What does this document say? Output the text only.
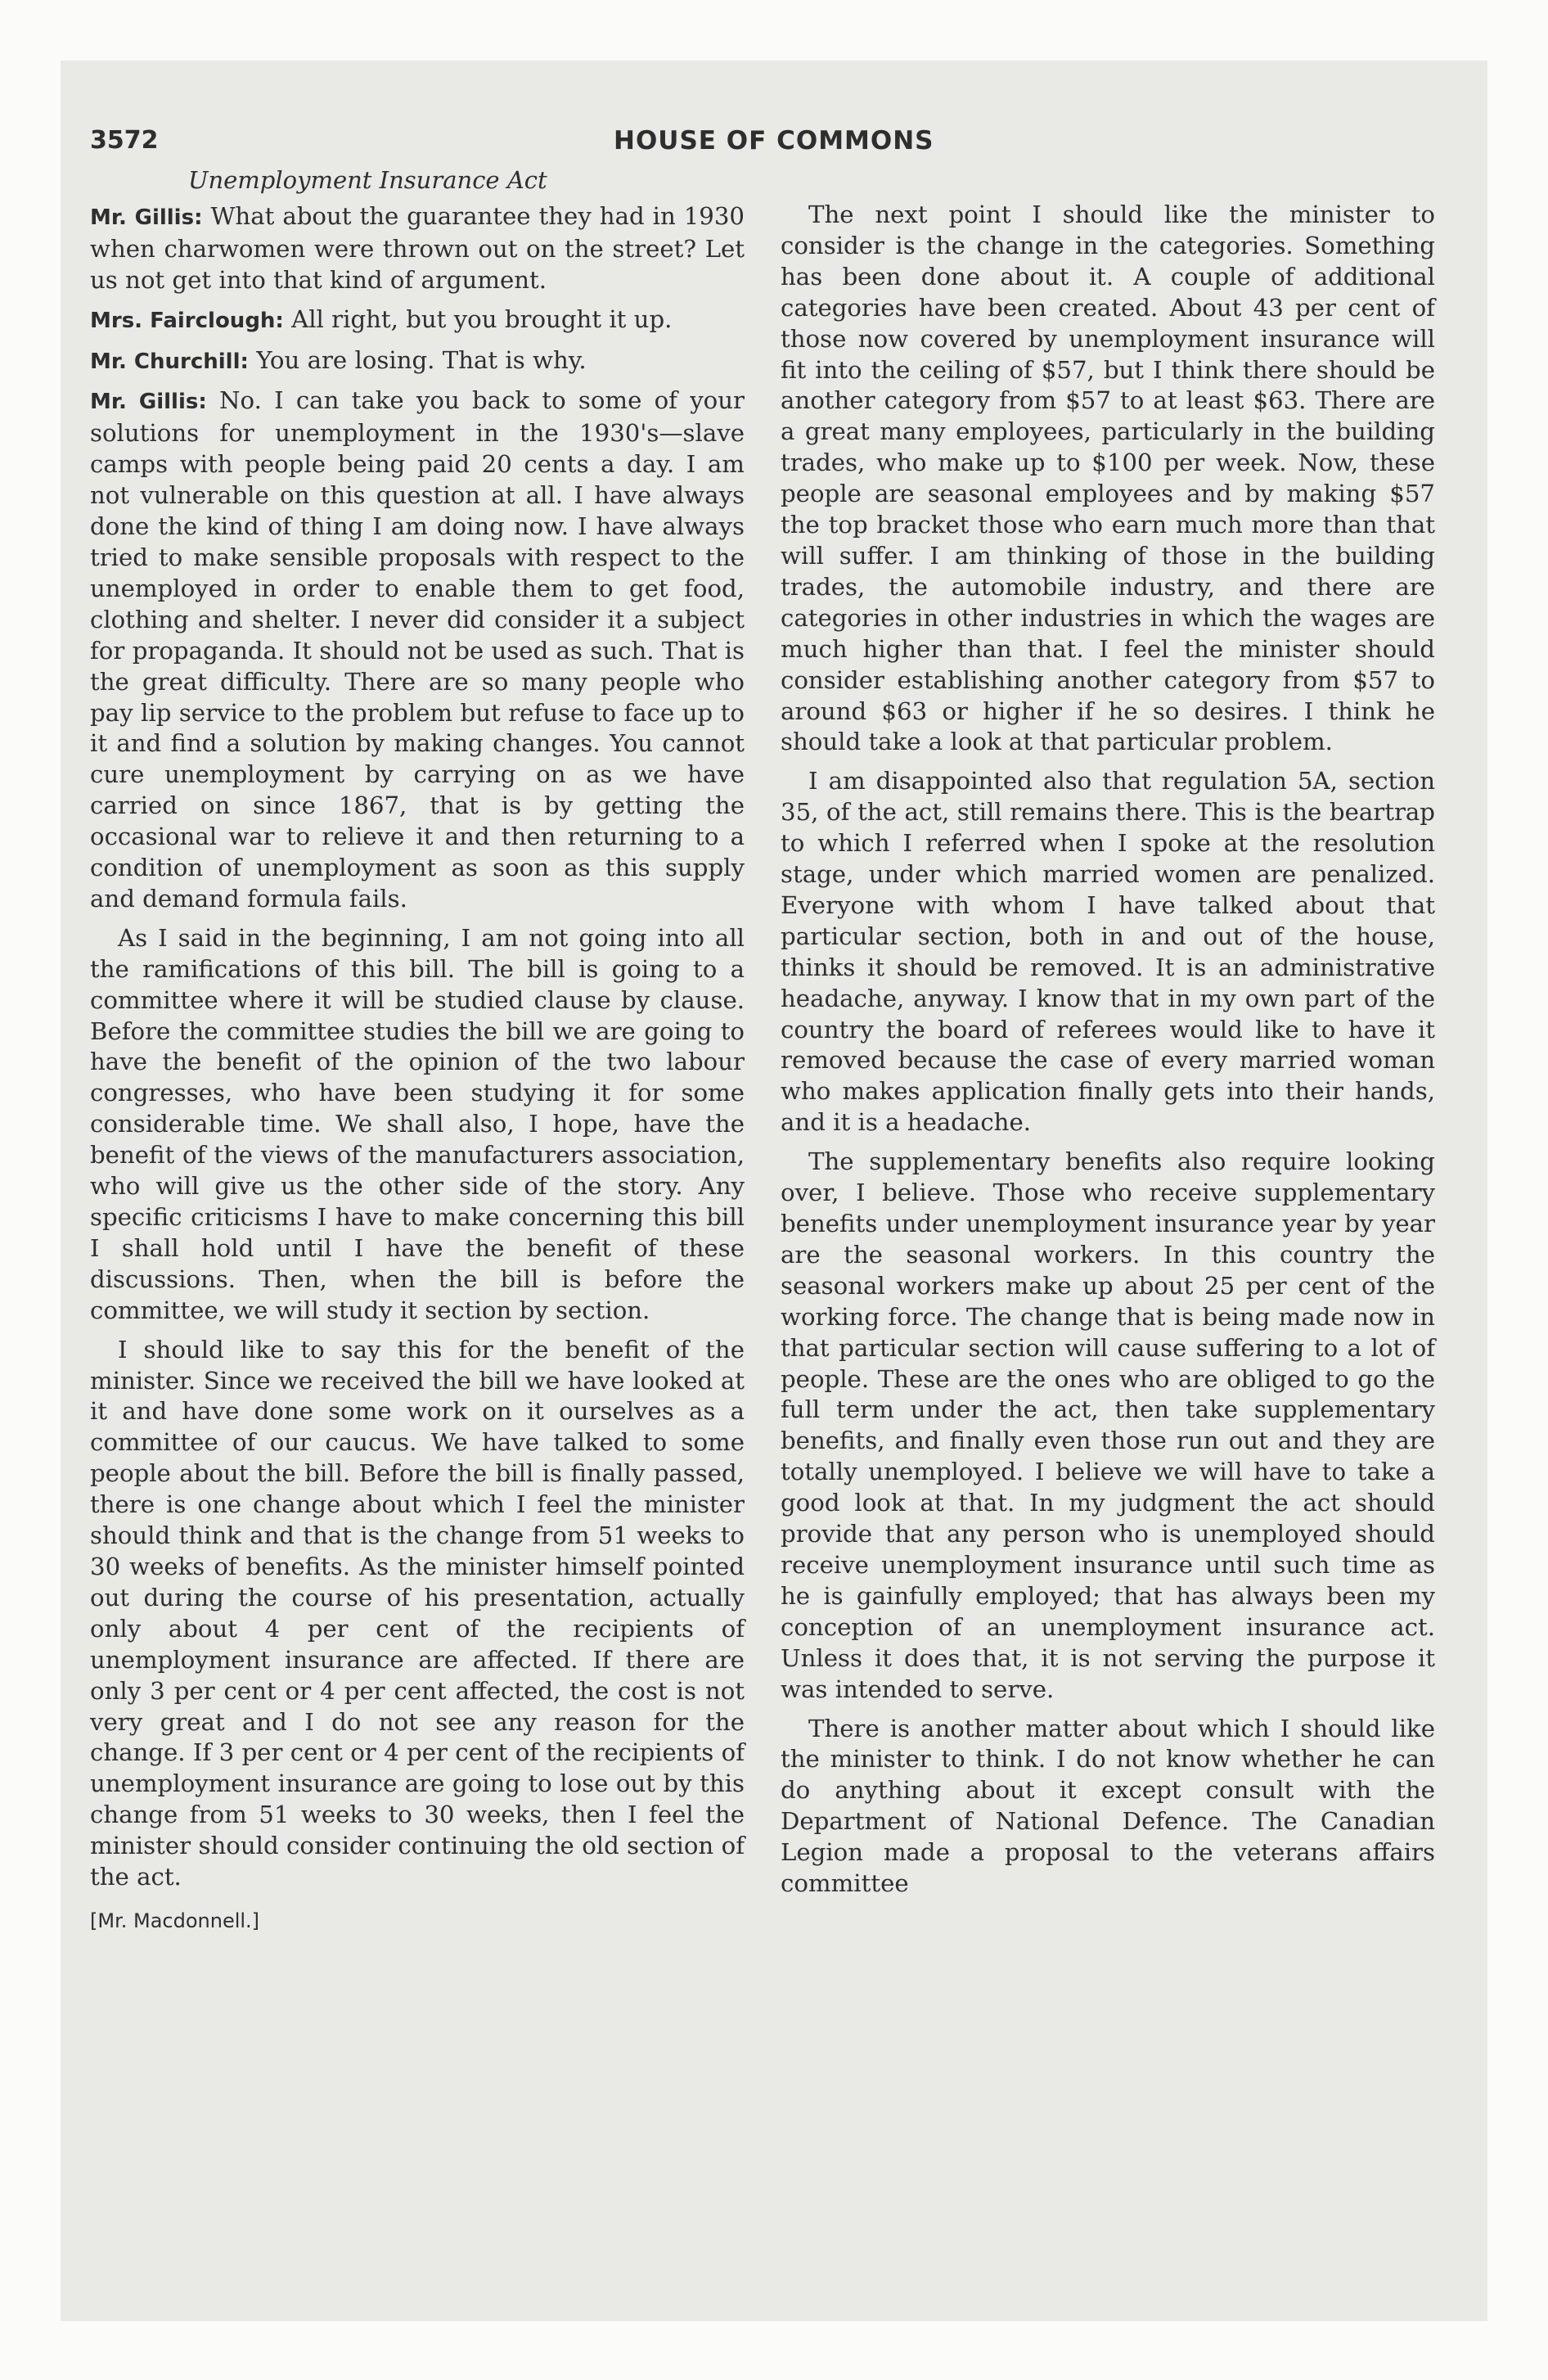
3572	HOUSE OF COMMONS
Unemployment Insurance Act

Mr. Gillis: What about the guarantee they had in 1930 when charwomen were thrown out on the street? Let us not get into that kind of argument.

Mrs. Fairclough: All right, but you brought it up.

Mr. Churchill: You are losing. That is why.

Mr. Gillis: No. I can take you back to some of your solutions for unemployment in the 1930's—slave camps with people being paid 20 cents a day. I am not vulnerable on this question at all. I have always done the kind of thing I am doing now. I have always tried to make sensible proposals with respect to the unemployed in order to enable them to get food, clothing and shelter. I never did consider it a subject for propaganda. It should not be used as such. That is the great difficulty. There are so many people who pay lip service to the problem but refuse to face up to it and find a solution by making changes. You cannot cure unemployment by carrying on as we have carried on since 1867, that is by getting the occasional war to relieve it and then returning to a condition of unemployment as soon as this supply and demand formula fails.

As I said in the beginning, I am not going into all the ramifications of this bill. The bill is going to a committee where it will be studied clause by clause. Before the committee studies the bill we are going to have the benefit of the opinion of the two labour congresses, who have been studying it for some considerable time. We shall also, I hope, have the benefit of the views of the manufacturers association, who will give us the other side of the story. Any specific criticisms I have to make concerning this bill I shall hold until I have the benefit of these discussions. Then, when the bill is before the committee, we will study it section by section.

I should like to say this for the benefit of the minister. Since we received the bill we have looked at it and have done some work on it ourselves as a committee of our caucus. We have talked to some people about the bill. Before the bill is finally passed, there is one change about which I feel the minister should think and that is the change from 51 weeks to 30 weeks of benefits. As the minister himself pointed out during the course of his presentation, actually only about 4 per cent of the recipients of unemployment insurance are affected. If there are only 3 per cent or 4 per cent affected, the cost is not very great and I do not see any reason for the change. If 3 per cent or 4 per cent of the recipients of unemployment insurance are going to lose out by this change from 51 weeks to 30 weeks, then I feel the minister should consider continuing the old section of the act.

[Mr. Macdonnell.]

The next point I should like the minister to consider is the change in the categories. Something has been done about it. A couple of additional categories have been created. About 43 per cent of those now covered by unemployment insurance will fit into the ceiling of $57, but I think there should be another category from $57 to at least $63. There are a great many employees, particularly in the building trades, who make up to $100 per week. Now, these people are seasonal employees and by making $57 the top bracket those who earn much more than that will suffer. I am thinking of those in the building trades, the automobile industry, and there are categories in other industries in which the wages are much higher than that. I feel the minister should consider establishing another category from $57 to around $63 or higher if he so desires. I think he should take a look at that particular problem.

I am disappointed also that regulation 5A, section 35, of the act, still remains there. This is the beartrap to which I referred when I spoke at the resolution stage, under which married women are penalized. Everyone with whom I have talked about that particular section, both in and out of the house, thinks it should be removed. It is an administrative headache, anyway. I know that in my own part of the country the board of referees would like to have it removed because the case of every married woman who makes application finally gets into their hands, and it is a headache.

The supplementary benefits also require looking over, I believe. Those who receive supplementary benefits under unemployment insurance year by year are the seasonal workers. In this country the seasonal workers make up about 25 per cent of the working force. The change that is being made now in that particular section will cause suffering to a lot of people. These are the ones who are obliged to go the full term under the act, then take supplementary benefits, and finally even those run out and they are totally unemployed. I believe we will have to take a good look at that. In my judgment the act should provide that any person who is unemployed should receive unemployment insurance until such time as he is gainfully employed; that has always been my conception of an unemployment insurance act. Unless it does that, it is not serving the purpose it was intended to serve.

There is another matter about which I should like the minister to think. I do not know whether he can do anything about it except consult with the Department of National Defence. The Canadian Legion made a proposal to the veterans affairs committee
